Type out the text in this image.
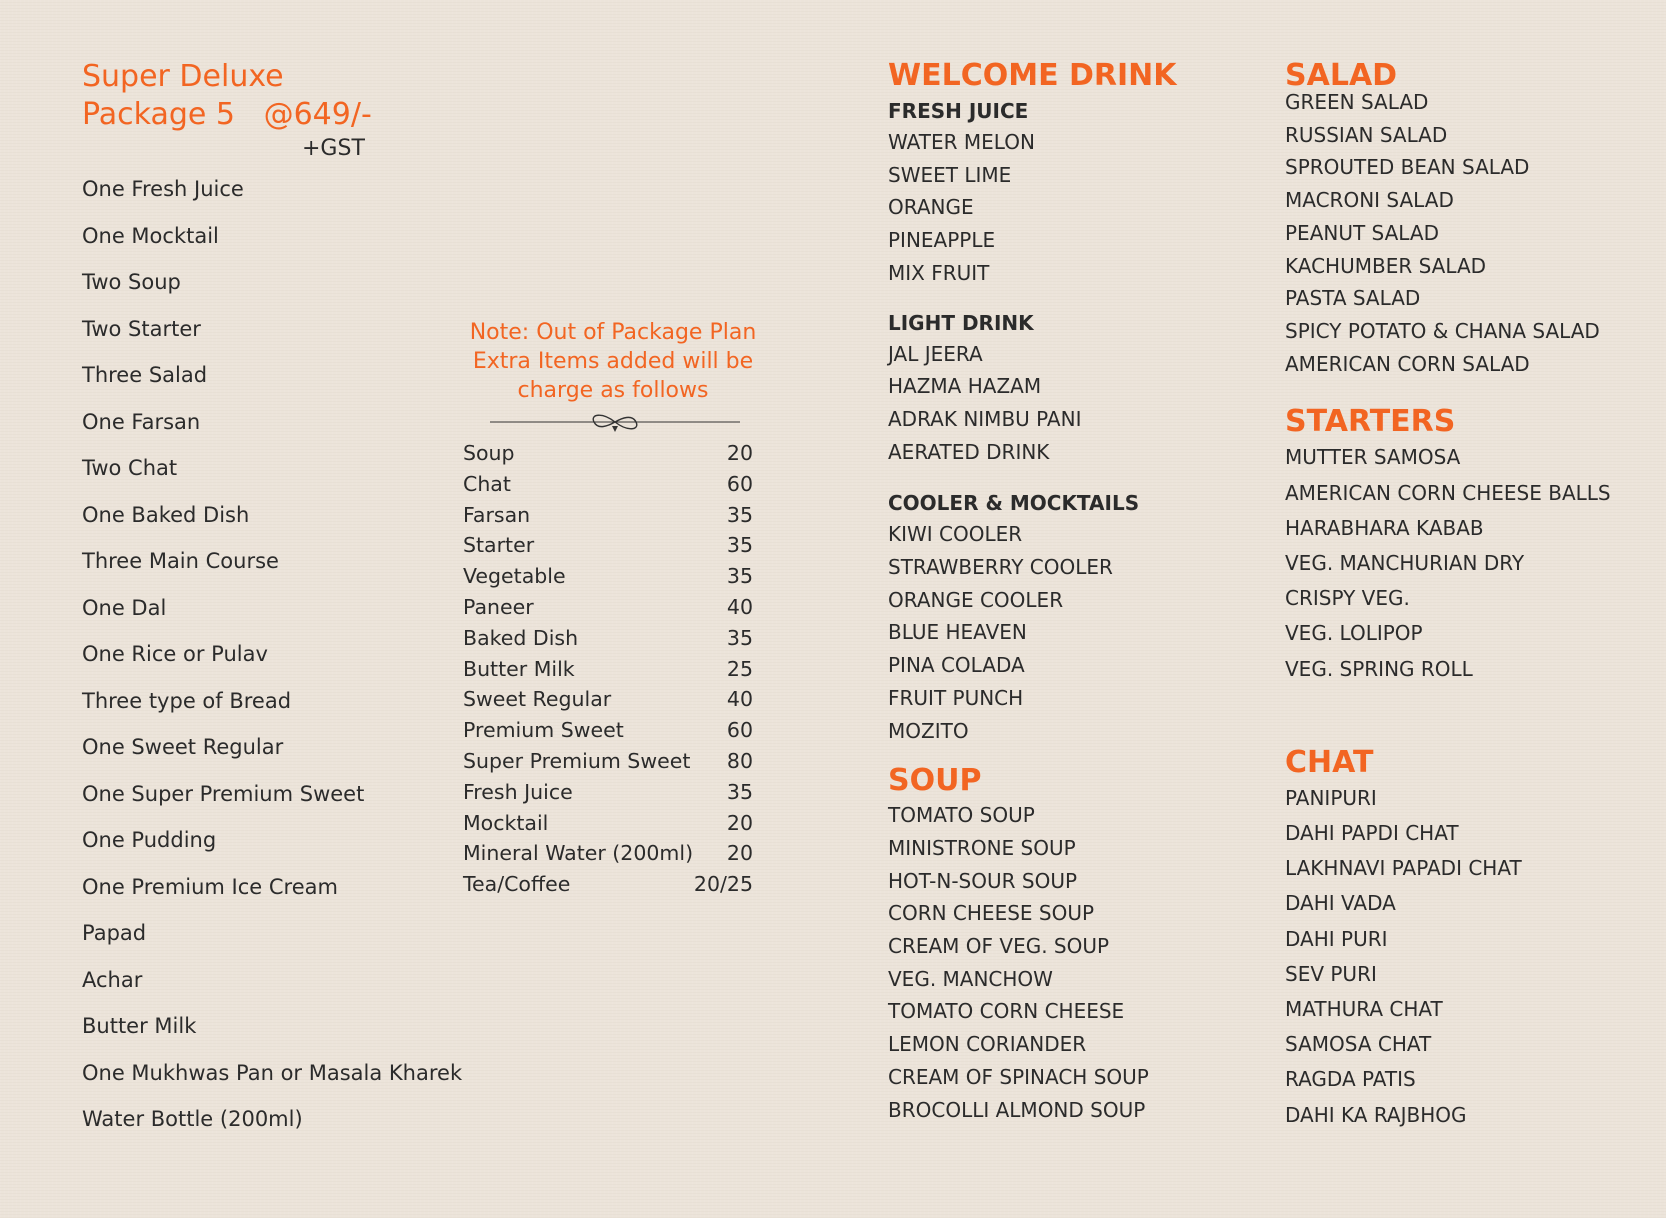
Super Deluxe
Package 5   @649/-
+GST
One Fresh Juice
One Mocktail
Two Soup
Two Starter
Three Salad
One Farsan
Two Chat
One Baked Dish
Three Main Course
One Dal
One Rice or Pulav
Three type of Bread
One Sweet Regular
One Super Premium Sweet
One Pudding
One Premium Ice Cream
Papad
Achar
Butter Milk
One Mukhwas Pan or Masala Kharek
Water Bottle (200ml)
Note: Out of Package Plan
Extra Items added will be
charge as follows
Soup	20
Chat	60
Farsan	35
Starter	35
Vegetable	35
Paneer	40
Baked Dish	35
Butter Milk	25
Sweet Regular	40
Premium Sweet	60
Super Premium Sweet 80
Fresh Juice	35
Mocktail	20
Mineral Water (200ml) 20
Tea/Coffee	20/25
WELCOME DRINK
FRESH JUICE
WATER MELON
SWEET LIME
ORANGE
PINEAPPLE
MIX FRUIT
LIGHT DRINK
JAL JEERA
HAZMA HAZAM
ADRAK NIMBU PANI
AERATED DRINK
COOLER & MOCKTAILS
KIWI COOLER
STRAWBERRY COOLER
ORANGE COOLER
BLUE HEAVEN
PINA COLADA
FRUIT PUNCH
MOZITO
SOUP
TOMATO SOUP
MINISTRONE SOUP
HOT-N-SOUR SOUP
CORN CHEESE SOUP
CREAM OF VEG. SOUP
VEG. MANCHOW
TOMATO CORN CHEESE
LEMON CORIANDER
CREAM OF SPINACH SOUP
BROCOLLI ALMOND SOUP
SALAD
GREEN SALAD
RUSSIAN SALAD
SPROUTED BEAN SALAD
MACRONI SALAD
PEANUT SALAD
KACHUMBER SALAD
PASTA SALAD
SPICY POTATO & CHANA SALAD
AMERICAN CORN SALAD
STARTERS
MUTTER SAMOSA
AMERICAN CORN CHEESE BALLS
HARABHARA KABAB
VEG. MANCHURIAN DRY
CRISPY VEG.
VEG. LOLIPOP
VEG. SPRING ROLL
CHAT
PANIPURI
DAHI PAPDI CHAT
LAKHNAVI PAPADI CHAT
DAHI VADA
DAHI PURI
SEV PURI
MATHURA CHAT
SAMOSA CHAT
RAGDA PATIS
DAHI KA RAJBHOG
